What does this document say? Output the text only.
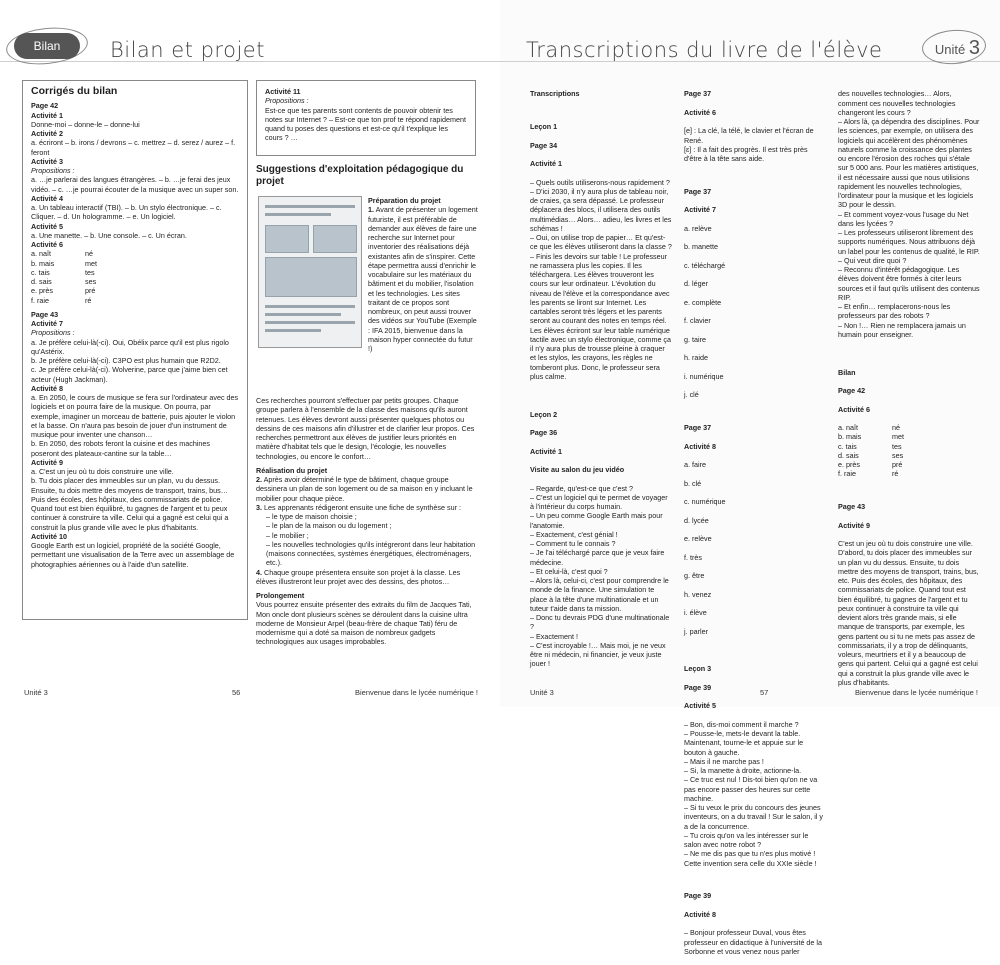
Bilan	Bilan et projet
Corrigés du bilan

Page 42

Activité 1

Donne-moi – donne-le – donne-lui

Activité 2

a. écriront – b. irons / devrons – c. mettrez – d. serez / aurez – f. feront

Activité 3

Propositions :

a. …je parlerai des langues étrangères. – b. …je ferai des jeux vidéo. – c. …je pourrai écouter de la musique avec un super son.

Activité 4

a. Un tableau interactif (TBI). – b. Un stylo électronique. – c. Cliquer. – d. Un hologramme. – e. Un logiciel.

Activité 5

a. Une manette. – b. Une console. – c. Un écran.

Activité 6

a. naît	né
b. mais	met
c. tais	tes
d. sais	ses
e. près	pré
f. raie	ré

Page 43

Activité 7

Propositions :

a. Je préfère celui-là(-ci). Oui, Obélix parce qu'il est plus rigolo qu'Astérix.

b. Je préfère celui-là(-ci). C3PO est plus humain que R2D2.

c. Je préfère celui-là(-ci). Wolverine, parce que j'aime bien cet acteur (Hugh Jackman).

Activité 8

a. En 2050, le cours de musique se fera sur l'ordinateur avec des logiciels et on pourra faire de la musique. On pourra, par exemple, imaginer un morceau de batterie, puis ajouter le violon et la basse. On n'aura pas besoin de jouer d'un instrument de musique pour inventer une chanson…

b. En 2050, des robots feront la cuisine et des machines poseront des plateaux-cantine sur la table…

Activité 9

a. C'est un jeu où tu dois construire une ville.

b. Tu dois placer des immeubles sur un plan, vu du dessus. Ensuite, tu dois mettre des moyens de transport, trains, bus… Puis des écoles, des hôpitaux, des commissariats de police. Quand tout est bien équilibré, tu gagnes de l'argent et tu peux continuer à construire ta ville. Celui qui a gagné est celui qui a construit la plus grande ville avec le plus d'habitants.

Activité 10

Google Earth est un logiciel, propriété de la société Google, permettant une visualisation de la Terre avec un assemblage de photographies aériennes ou à l'aide d'un satellite.

Activité 11

Propositions :

Est-ce que tes parents sont contents de pouvoir obtenir tes notes sur Internet ? – Est-ce que ton prof te répond rapidement quand tu poses des questions et est-ce qu'il t'explique les cours ? …

Suggestions d'exploitation pédagogique du projet

Préparation du projet

1. Avant de présenter un logement futuriste, il est préférable de demander aux élèves de faire une recherche sur Internet pour inventorier des réalisations déjà existantes afin de s'inspirer. Cette étape permettra aussi d'enrichir le vocabulaire sur les matériaux du bâtiment et du mobilier, l'isolation et les technologies. Les sites traitant de ce propos sont nombreux, on peut aussi trouver des vidéos sur YouTube (Exemple : IFA 2015, bienvenue dans la maison hyper connectée du futur !)

Ces recherches pourront s'effectuer par petits groupes. Chaque groupe parlera à l'ensemble de la classe des maisons qu'ils auront retenues. Les élèves devront aussi présenter quelques photos ou dessins de ces maisons afin d'illustrer et de clarifier leur propos. Ces recherches permettront aux élèves de justifier leurs priorités en matière d'habitat tels que le design, l'écologie, les nouvelles technologies, ou encore le confort…

Réalisation du projet

2. Après avoir déterminé le type de bâtiment, chaque groupe dessinera un plan de son logement ou de sa maison en y incluant le mobilier pour chaque pièce.

3. Les apprenants rédigeront ensuite une fiche de synthèse sur :

– le type de maison choisie ;

– le plan de la maison ou du logement ;

– le mobilier ;

– les nouvelles technologies qu'ils intégreront dans leur habitation (maisons connectées, systèmes énergétiques, électroménagers, etc.).

4. Chaque groupe présentera ensuite son projet à la classe. Les élèves illustreront leur projet avec des dessins, des photos…

Prolongement

Vous pourrez ensuite présenter des extraits du film de Jacques Tati, Mon oncle dont plusieurs scènes se déroulent dans la cuisine ultra moderne de Monsieur Arpel (beau-frère de chaque Tati) féru de modernisme qui a doté sa maison de nombreux gadgets technologiques aux usages improbables.

Unité 3	56	Bienvenue dans le lycée numérique !
Transcriptions du livre de l'élève	Unité 3

Transcriptions

Leçon 1

Page 34

Activité 1

– Quels outils utiliserons-nous rapidement ?
– D'ici 2030, il n'y aura plus de tableau noir, de craies, ça sera dépassé. Le professeur déplacera des blocs, il utilisera des outils multimédias… Alors… adieu, les livres et les schémas !
– Oui, on utilise trop de papier… Et qu'est-ce que les élèves utiliseront dans la classe ?
– Finis les devoirs sur table ! Le professeur ne ramassera plus les copies. Il les téléchargera. Les élèves trouveront les cours sur leur ordinateur. L'évolution du niveau de l'élève et la correspondance avec les parents se liront sur Internet. Les cartables seront très légers et les parents seront au courant des notes en temps réel. Les élèves écriront sur leur table numérique tactile avec un stylo électronique, comme ça il n'y aura plus de trousse pleine à craquer et les stylos, les crayons, les règles ne tomberont plus. Donc, le professeur sera plus calme.

Leçon 2

Page 36

Activité 1

Visite au salon du jeu vidéo

– Regarde, qu'est-ce que c'est ?
– C'est un logiciel qui te permet de voyager à l'intérieur du corps humain.
– Un peu comme Google Earth mais pour l'anatomie.
– Exactement, c'est génial !
– Comment tu le connais ?
– Je l'ai téléchargé parce que je veux faire médecine.
– Et celui-là, c'est quoi ?
– Alors là, celui-ci, c'est pour comprendre le monde de la finance. Une simulation te place à la tête d'une multinationale et un tuteur t'aide dans ta mission.
– Donc tu devrais PDG d'une multinationale ?
– Exactement !
– C'est incroyable !… Mais moi, je ne veux être ni médecin, ni financier, je veux juste jouer !

Page 37

Activité 6

[e] : La clé, la télé, le clavier et l'écran de René.
[ɛ] : Il a fait des progrès. Il est très près d'être à la tête sans aide.

Page 37

Activité 7

a. relève

b. manette

c. téléchargé

d. léger

e. complète

f. clavier

g. taire

h. raide

i. numérique

j. clé

Page 37

Activité 8

a. faire

b. clé

c. numérique

d. lycée

e. relève

f. très

g. être

h. venez

i. élève

j. parler

Leçon 3

Page 39

Activité 5

– Bon, dis-moi comment il marche ?
– Pousse-le, mets-le devant la table. Maintenant, tourne-le et appuie sur le bouton à gauche.
– Mais il ne marche pas !
– Si, la manette à droite, actionne-la.
– Ce truc est nul ! Dis-toi bien qu'on ne va pas encore passer des heures sur cette machine.
– Si tu veux le prix du concours des jeunes inventeurs, on a du travail ! Sur le salon, il y a de la concurrence.
– Tu crois qu'on va les intéresser sur le salon avec notre robot ?
– Ne me dis pas que tu n'es plus motivé ! Cette invention sera celle du XXIe siècle !

Page 39

Activité 8

– Bonjour professeur Duval, vous êtes professeur en didactique à l'université de la Sorbonne et vous venez nous parler

des nouvelles technologies… Alors, comment ces nouvelles technologies changeront les cours ?
– Alors là, ça dépendra des disciplines. Pour les sciences, par exemple, on utilisera des logiciels qui accélèrent des phénomènes naturels comme la croissance des plantes ou encore l'érosion des roches qui s'étale sur 5 000 ans. Pour les matières artistiques, il est nécessaire aussi que nous utilisions rapidement les nouvelles technologies, l'ordinateur pour la musique et les logiciels 3D pour le dessin.
– Et comment voyez-vous l'usage du Net dans les lycées ?
– Les professeurs utiliseront librement des supports numériques. Nous attribuons déjà un label pour les contenus de qualité, le RIP.
– Qui veut dire quoi ?
– Reconnu d'intérêt pédagogique. Les élèves doivent être formés à citer leurs sources et il faut qu'ils utilisent des contenus RIP.
– Et enfin… remplacerons-nous les professeurs par des robots ?
– Non !… Rien ne remplacera jamais un humain pour enseigner.

Bilan

Page 42

Activité 6

a. naît	né
b. mais	met
c. tais	tes
d. sais	ses
e. près	pré
f. raie	ré

Page 43

Activité 9

C'est un jeu où tu dois construire une ville. D'abord, tu dois placer des immeubles sur un plan vu du dessus. Ensuite, tu dois mettre des moyens de transport, trains, bus, etc. Puis des écoles, des hôpitaux, des commissariats de police. Quand tout est bien équilibré, tu gagnes de l'argent et tu peux continuer à construire ta ville qui devient alors très grande mais, si elle manque de transports, par exemple, les gens partent ou si tu ne mets pas assez de commissariats, il y a trop de délinquants, voleurs, meurtriers et il y a beaucoup de gens qui partent. Celui qui a gagné est celui qui a construit la plus grande ville avec le plus d'habitants.

Unité 3	57	Bienvenue dans le lycée numérique !
